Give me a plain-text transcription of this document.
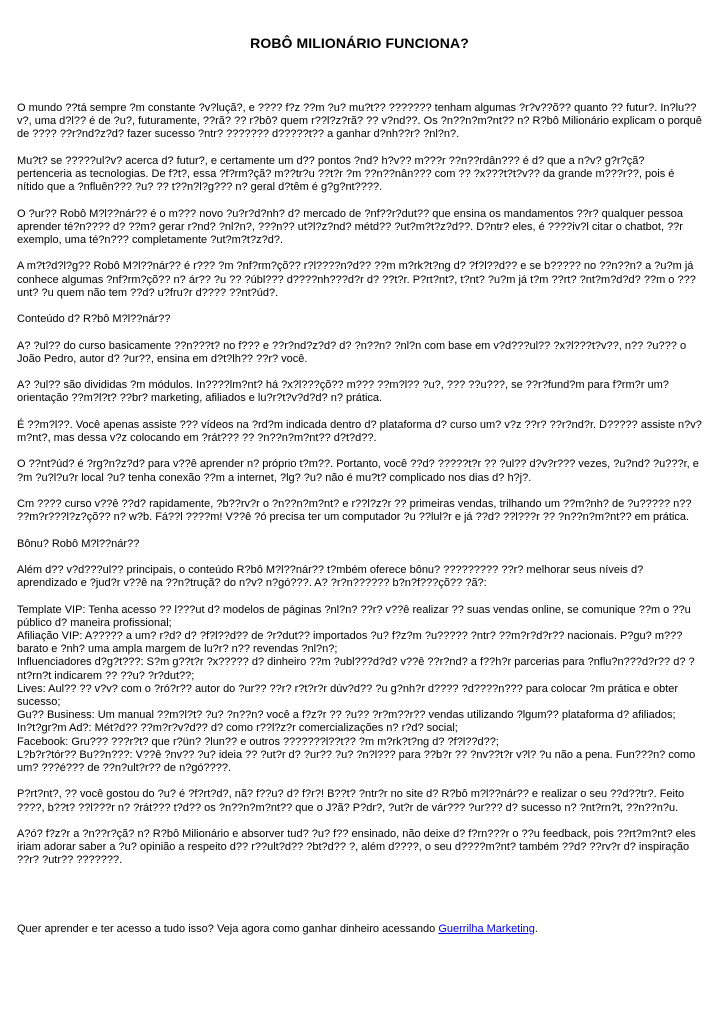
ROBÔ MILIONÁRIO FUNCIONA?

O mundo ??tá sempre ?m constante ?v?luçã?, e ???? f?z ??m ?u? mu?t?? ??????? tenham algumas ?r?v??õ?? quanto ?? futur?. In?lu??v?, uma d?l?? é de ?u?, futuramente, ??rã? ?? r?bô? quem r??l?z?rã? ?? v?nd??. Os ?n??n?m?nt?? n? R?bô Milionário explicam o porquê de ???? ??r?nd?z?d? fazer sucesso ?ntr? ??????? d?????t?? a ganhar d?nh??r? ?nl?n?.

Mu?t? se ?????ul?v? acerca d? futur?, e certamente um d?? pontos ?nd? h?v?? m???r ??n??rdân??? é d? que a n?v? g?r?çã? pertenceria as tecnologias. De f?t?, essa ?f?rm?çã? m??tr?u ??t?r ?m ??n??nân??? com ?? ?x???t?t?v?? da grande m???r??, pois é nítido que a ?nfluên??? ?u? ?? t??n?l?g??? n? geral d?têm é g?g?nt????.

O ?ur?? Robô M?l??nár?? é o m??? novo ?u?r?d?nh? d? mercado de ?nf??r?dut?? que ensina os mandamentos ??r? qualquer pessoa aprender té?n???? d? ??m? gerar r?nd? ?nl?n?, ???n?? ut?l?z?nd? métd?? ?ut?m?t?z?d??. D?ntr? eles, é ????iv?l citar o chatbot, ??r exemplo, uma té?n??? completamente ?ut?m?t?z?d?.

A m?t?d?l?g?? Robô M?l??nár?? é r??? ?m ?nf?rm?çõ?? r?l????n?d?? ??m m?rk?t?ng d? ?f?l??d?? e se b????? no ??n??n? a ?u?m já conhece algumas ?nf?rm?çõ?? n? ár?? ?u ?? ?úbl??? d????nh???d?r d? ??t?r. P?rt?nt?, t?nt? ?u?m já t?m ??rt? ?nt?m?d?d? ??m o ???unt? ?u quem não tem ??d? u?fru?r d???? ??nt?úd?.

Conteúdo d? R?bô M?l??nár??

A? ?ul?? do curso basicamente ??n???t? no f??? e ??r?nd?z?d? d? ?n??n? ?nl?n com base em v?d???ul?? ?x?l???t?v??, n?? ?u??? o João Pedro, autor d? ?ur??, ensina em d?t?lh?? ??r? você.

A? ?ul?? são divididas ?m módulos. In????lm?nt? há ?x?l???çõ?? m??? ??m?l?? ?u?, ??? ??u???, se ??r?fund?m para f?rm?r um? orientação ??m?l?t? ??br? marketing, afiliados e lu?r?t?v?d?d? n? prática.

É ??m?l??. Você apenas assiste ??? vídeos na ?rd?m indicada dentro d? plataforma d? curso um? v?z ??r? ??r?nd?r. D????? assiste n?v?m?nt?, mas dessa v?z colocando em ?rát??? ?? ?n??n?m?nt?? d?t?d??.

O ??nt?úd? é ?rg?n?z?d? para v??ê aprender n? próprio t?m??. Portanto, você ??d? ?????t?r ?? ?ul?? d?v?r??? vezes, ?u?nd? ?u???r, e ?m ?u?l?u?r local ?u? tenha conexão ??m a internet, ?lg? ?u? não é mu?t? complicado nos dias d? h?j?.

Cm ???? curso v??ê ??d? rapidamente, ?b??rv?r o ?n??n?m?nt? e r??l?z?r ?? primeiras vendas, trilhando um ??m?nh? de ?u????? n?? ??m?r???l?z?çõ?? n? w?b. Fá??l ????m! V??ê ?ó precisa ter um computador ?u ??lul?r e já ??d? ??l???r ?? ?n??n?m?nt?? em prática.

Bônu? Robô M?l??nár??

Além d?? v?d???ul?? principais, o conteúdo R?bô M?l??nár?? t?mbém oferece bônu? ????????? ??r? melhorar seus níveis d? aprendizado e ?jud?r v??ê na ??n?truçã? do n?v? n?gó???. A? ?r?n?????? b?n?f???çõ?? ?ã?:

Template VIP: Tenha acesso ?? l???ut d? modelos de páginas ?nl?n? ??r? v??ê realizar ?? suas vendas online, se comunique ??m o ??u público d? maneira profissional;
Afiliação VIP: A????? a um? r?d? d? ?f?l??d?? de ?r?dut?? importados ?u? f?z?m ?u????? ?ntr? ??m?r?d?r?? nacionais. P?gu? m??? barato e ?nh? uma ampla margem de lu?r? n?? revendas ?nl?n?;
Influenciadores d?g?t???: S?m g??t?r ?x????? d? dinheiro ??m ?ubl???d?d? v??ê ??r?nd? a f??h?r parcerias para ?nflu?n???d?r?? d? ?nt?rn?t indicarem ?? ??u? ?r?dut??;
Lives: Aul?? ?? v?v? com o ?ró?r?? autor do ?ur?? ??r? r?t?r?r dúv?d?? ?u g?nh?r d???? ?d????n??? para colocar ?m prática e obter sucesso;
Gu?? Business: Um manual ??m?l?t? ?u? ?n??n? você a f?z?r ?? ?u?? ?r?m??r?? vendas utilizando ?lgum?? plataforma d? afiliados;
In?t?gr?m Ad?: Mét?d?? ??m?r?v?d?? d? como r??l?z?r comercializações n? r?d? social;
Facebook: Gru??? ???r?t? que r?ün? ?lun?? e outros ???????l??t?? ?m m?rk?t?ng d? ?f?l??d??;
L?b?r?tór?? Bu??n???: V??ê ?nv?? ?u? ideia ?? ?ut?r d? ?ur?? ?u? ?n?l??? para ??b?r ?? ?nv??t?r v?l? ?u não a pena. Fun???n? como um? ???é??? de ??n?ult?r?? de n?gó????.

P?rt?nt?, ?? você gostou do ?u? é ?f?rt?d?, nã? f??u? d? f?r?! B??t? ?ntr?r no site d? R?bô m?l??nár?? e realizar o seu ??d??tr?. Feito ????, b??t? ??l???r n? ?rát??? t?d?? os ?n??n?m?nt?? que o J?ã? P?dr?, ?ut?r de vár??? ?ur??? d? sucesso n? ?nt?rn?t, ??n??n?u.

A?ó? f?z?r a ?n??r?çã? n? R?bô Milionário e absorver tud? ?u? f?? ensinado, não deixe d? f?rn???r o ??u feedback, pois ??rt?m?nt? eles iriam adorar saber a ?u? opinião a respeito d?? r??ult?d?? ?bt?d?? ?, além d????, o seu d????m?nt? também ??d? ??rv?r d? inspiração ??r? ?utr?? ???????.

Quer aprender e ter acesso a tudo isso? Veja agora como ganhar dinheiro acessando Guerrilha Marketing.
